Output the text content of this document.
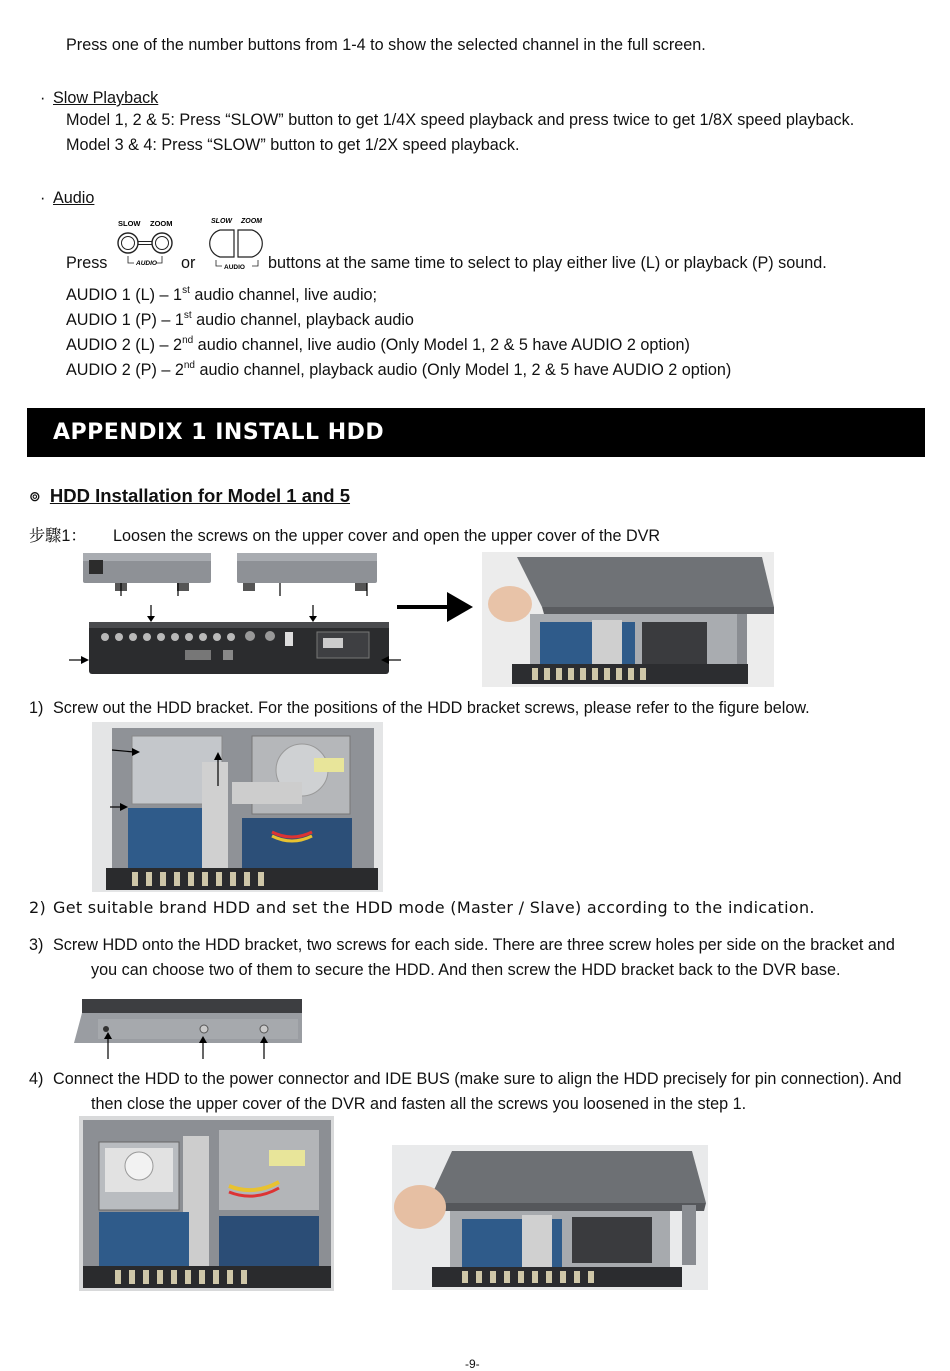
Press one of the number buttons from 1-4 to show the selected channel in the full screen.
· Slow Playback
Model 1, 2 & 5: Press “SLOW” button to get 1/4X speed playback and press twice to get 1/8X speed playback.
Model 3 & 4: Press “SLOW” button to get 1/2X speed playback.
· Audio
Press
SLOW ZOOM
AUDIO or
SLOW ZOOM
AUDIO buttons at the same time to select to play either live (L) or playback (P) sound.
AUDIO 1 (L) – 1st audio channel, live audio;
AUDIO 1 (P) – 1st audio channel, playback audio
AUDIO 2 (L) – 2nd audio channel, live audio (Only Model 1, 2 & 5 have AUDIO 2 option)
AUDIO 2 (P) – 2nd audio channel, playback audio (Only Model 1, 2 & 5 have AUDIO 2 option)
APPENDIX 1 INSTALL HDD
⊚ HDD Installation for Model 1 and 5
步驟1： Loosen the screws on the upper cover and open the upper cover of the DVR
1) Screw out the HDD bracket. For the positions of the HDD bracket screws, please refer to the figure below.
2) Get suitable brand HDD and set the HDD mode (Master / Slave) according to the indication.
3) Screw HDD onto the HDD bracket, two screws for each side. There are three screw holes per side on the bracket and
you can choose two of them to secure the HDD. And then screw the HDD bracket back to the DVR base.
4) Connect the HDD to the power connector and IDE BUS (make sure to align the HDD precisely for pin connection). And
then close the upper cover of the DVR and fasten all the screws you loosened in the step 1.
-9-
